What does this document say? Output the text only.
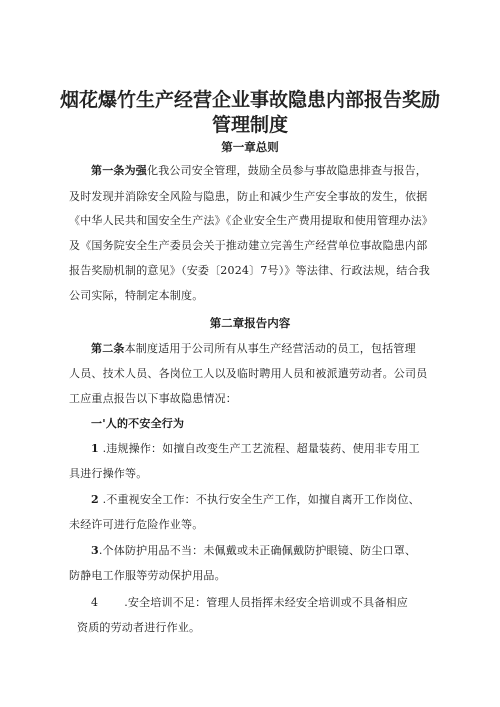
烟花爆竹生产经营企业事故隐患内部报告奖励
管理制度
第一章总则
第一条为强化我公司安全管理，鼓励全员参与事故隐患排查与报告，
及时发现并消除安全风险与隐患，防止和减少生产安全事故的发生，依据
《中华人民共和国安全生产法》《企业安全生产费用提取和使用管理办法》
及《国务院安全生产委员会关于推动建立完善生产经营单位事故隐患内部
报告奖励机制的意见》（安委〔2024〕7号）》等法律、行政法规，结合我
公司实际，特制定本制度。
第二章报告内容
第二条本制度适用于公司所有从事生产经营活动的员工，包括管理
人员、技术人员、各岗位工人以及临时聘用人员和被派遣劳动者。公司员
工应重点报告以下事故隐患情况：
一'人的不安全行为
1 .违规操作：如擅自改变生产工艺流程、超量装药、使用非专用工
具进行操作等。
2 .不重视安全工作：不执行安全生产工作，如擅自离开工作岗位、
未经许可进行危险作业等。
3.个体防护用品不当：未佩戴或未正确佩戴防护眼镜、防尘口罩、
防静电工作服等劳动保护用品。
4 .安全培训不足：管理人员指挥未经安全培训或不具备相应
资质的劳动者进行作业。
